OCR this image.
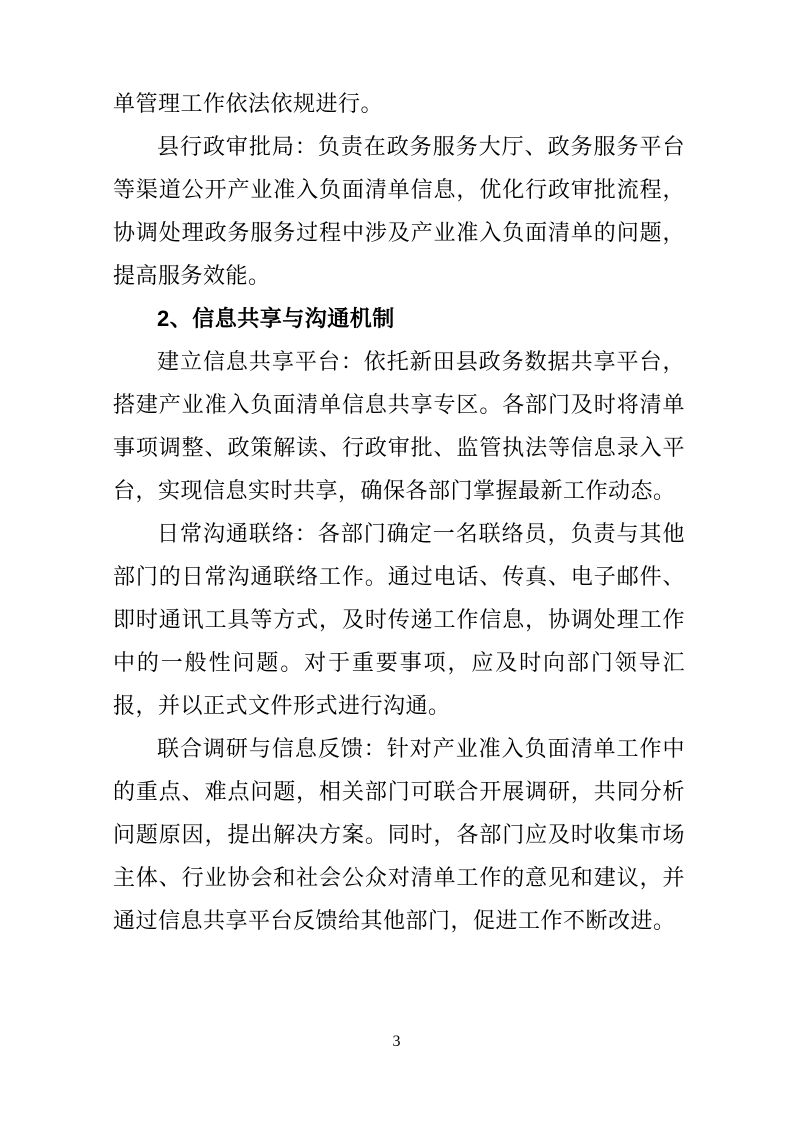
单管理工作依法依规进行。

县行政审批局：负责在政务服务大厅、政务服务平台等渠道公开产业准入负面清单信息，优化行政审批流程，协调处理政务服务过程中涉及产业准入负面清单的问题，提高服务效能。

2、信息共享与沟通机制

建立信息共享平台：依托新田县政务数据共享平台，搭建产业准入负面清单信息共享专区。各部门及时将清单事项调整、政策解读、行政审批、监管执法等信息录入平台，实现信息实时共享，确保各部门掌握最新工作动态。

日常沟通联络：各部门确定一名联络员，负责与其他部门的日常沟通联络工作。通过电话、传真、电子邮件、即时通讯工具等方式，及时传递工作信息，协调处理工作中的一般性问题。对于重要事项，应及时向部门领导汇报，并以正式文件形式进行沟通。

联合调研与信息反馈：针对产业准入负面清单工作中的重点、难点问题，相关部门可联合开展调研，共同分析问题原因，提出解决方案。同时，各部门应及时收集市场主体、行业协会和社会公众对清单工作的意见和建议，并通过信息共享平台反馈给其他部门，促进工作不断改进。

3
